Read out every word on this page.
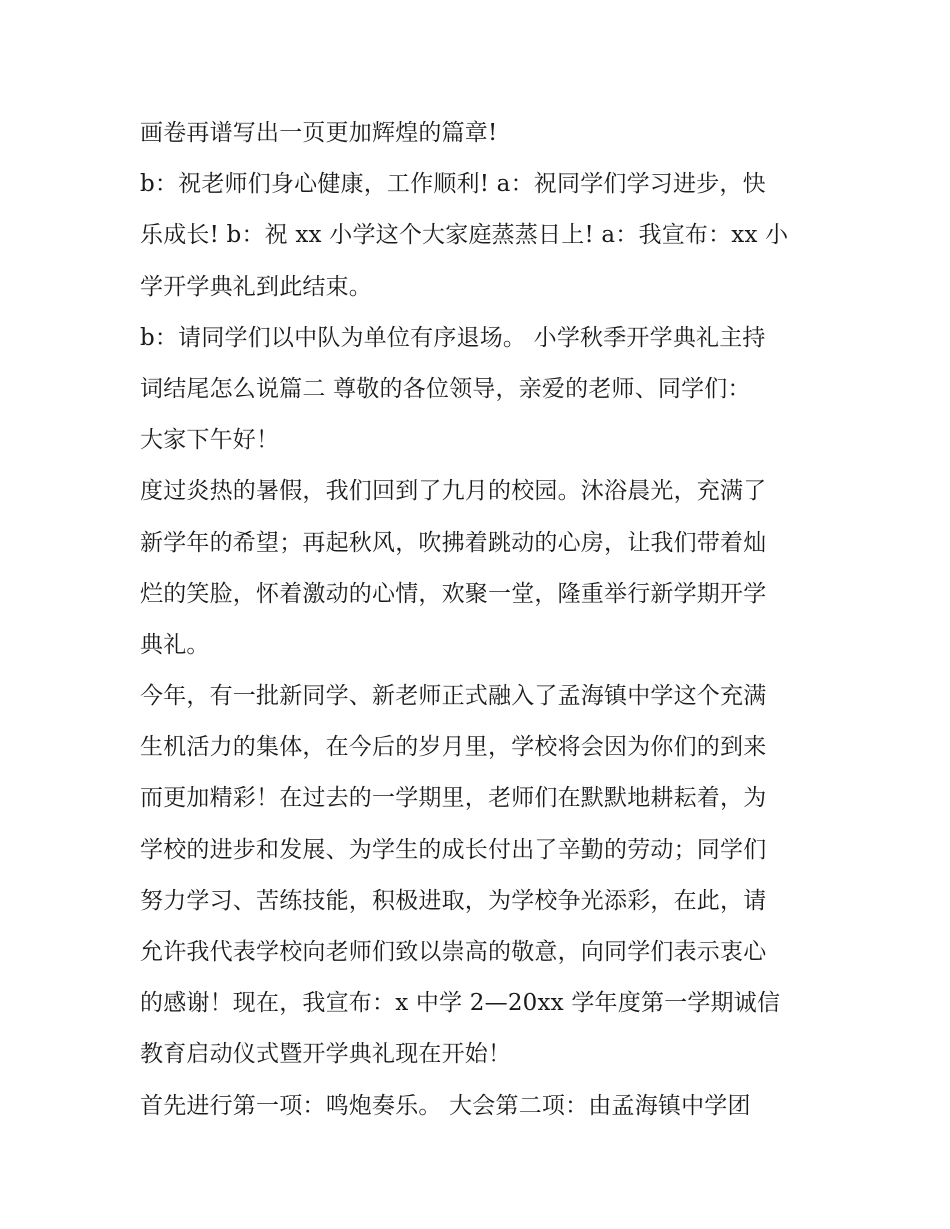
画卷再谱写出一页更加辉煌的篇章!
b：祝老师们身心健康，工作顺利! a：祝同学们学习进步，快
乐成长! b：祝 xx 小学这个大家庭蒸蒸日上! a：我宣布：xx 小
学开学典礼到此结束。
b：请同学们以中队为单位有序退场。 小学秋季开学典礼主持
词结尾怎么说篇二 尊敬的各位领导，亲爱的老师、同学们：
大家下午好！
度过炎热的暑假，我们回到了九月的校园。沐浴晨光，充满了
新学年的希望；再起秋风，吹拂着跳动的心房，让我们带着灿
烂的笑脸，怀着激动的心情，欢聚一堂，隆重举行新学期开学
典礼。
今年，有一批新同学、新老师正式融入了孟海镇中学这个充满
生机活力的集体，在今后的岁月里，学校将会因为你们的到来
而更加精彩！在过去的一学期里，老师们在默默地耕耘着，为
学校的进步和发展、为学生的成长付出了辛勤的劳动；同学们
努力学习、苦练技能，积极进取，为学校争光添彩，在此，请
允许我代表学校向老师们致以崇高的敬意，向同学们表示衷心
的感谢！现在，我宣布：x 中学 2—20xx 学年度第一学期诚信
教育启动仪式暨开学典礼现在开始！
首先进行第一项：鸣炮奏乐。 大会第二项：由孟海镇中学团
